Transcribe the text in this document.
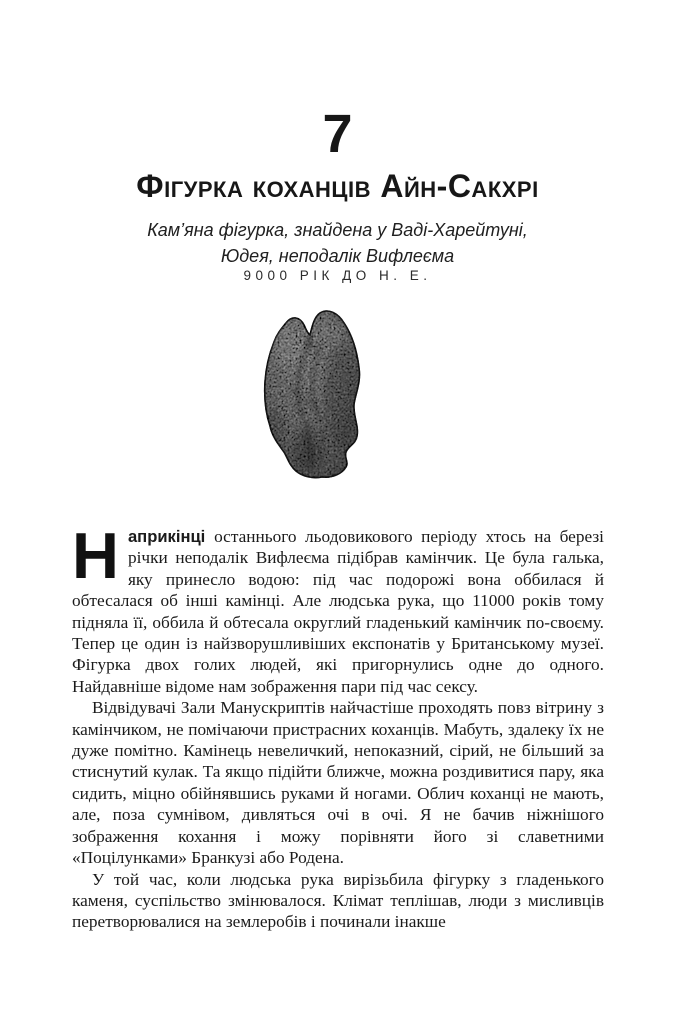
7
Фігурка коханців Айн-Сакхрі
Кам’яна фігурка, знайдена у Ваді-Харейтуні,
Юдея, неподалік Вифлеєма
9000 РІК ДО Н. Е.

Наприкінці останнього льодовикового періоду хтось на березі річки неподалік Вифлеєма підібрав камінчик. Це була галька, яку принесло водою: під час подорожі вона оббилася й обтесалася об інші камінці. Але людська рука, що 11000 років тому підняла її, оббила й обтесала округлий гладенький камінчик по-своєму. Тепер це один із найзворушливіших експонатів у Британському музеї. Фігурка двох голих людей, які пригорнулись одне до одного. Найдавніше відоме нам зображення пари під час сексу.

Відвідувачі Зали Манускриптів найчастіше проходять повз вітрину з камінчиком, не помічаючи пристрасних коханців. Мабуть, здалеку їх не дуже помітно. Камінець невеличкий, непоказний, сірий, не більший за стиснутий кулак. Та якщо підійти ближче, можна роздивитися пару, яка сидить, міцно обійнявшись руками й ногами. Облич коханці не мають, але, поза сумнівом, дивляться очі в очі. Я не бачив ніжнішого зображення кохання і можу порівняти його зі славетними «Поцілунками» Бранкузі або Родена.

У той час, коли людська рука вирізьбила фігурку з гладенького каменя, суспільство змінювалося. Клімат теплішав, люди з мисливців перетворювалися на землеробів і починали інакше
